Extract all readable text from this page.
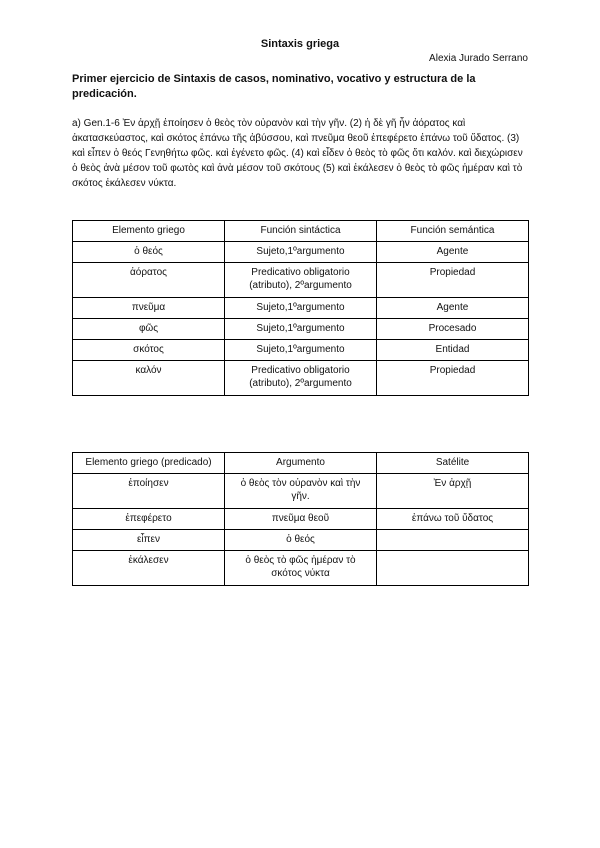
Sintaxis griega
Alexia Jurado Serrano
Primer ejercicio de Sintaxis de casos, nominativo, vocativo y estructura de la predicación.
a) Gen.1-6 Ἐν ἀρχῇ ἐποίησεν ὁ θεὸς τὸν οὐρανὸν καὶ τὴν γῆν. (2) ἡ δὲ γῆ ἦν ἀόρατος καὶ ἀκατασκεύαστος, καὶ σκότος ἐπάνω τῆς ἀβύσσου, καὶ πνεῦμα θεοῦ ἐπεφέρετο ἐπάνω τοῦ ὕδατος. (3) καὶ εἶπεν ὁ θεός Γενηθήτω φῶς. καὶ ἐγένετο φῶς. (4) καὶ εἶδεν ὁ θεὸς τὸ φῶς ὅτι καλόν. καὶ διεχώρισεν ὁ θεὸς ἀνὰ μέσον τοῦ φωτὸς καὶ ἀνὰ μέσον τοῦ σκότους (5) καὶ ἐκάλεσεν ὁ θεὸς τὸ φῶς ἡμέραν καὶ τὸ σκότος ἐκάλεσεν νύκτα.
Elemento griego	Función sintáctica	Función semántica
ὁ θεός	Sujeto,1ºargumento	Agente
ἀόρατος	Predicativo obligatorio (atributo), 2ºargumento	Propiedad
πνεῦμα	Sujeto,1ºargumento	Agente
φῶς	Sujeto,1ºargumento	Procesado
σκότος	Sujeto,1ºargumento	Entidad
καλόν	Predicativo obligatorio (atributo), 2ºargumento	Propiedad
Elemento griego (predicado)	Argumento	Satélite
ἐποίησεν	ὁ θεὸς τὸν οὐρανὸν καὶ τὴν γῆν.	Ἐν ἀρχῇ
ἐπεφέρετο	πνεῦμα θεοῦ	ἐπάνω τοῦ ὕδατος
εἶπεν	ὁ θεός	
ἐκάλεσεν	ὁ θεὸς τὸ φῶς ἡμέραν τὸ σκότος νύκτα	
